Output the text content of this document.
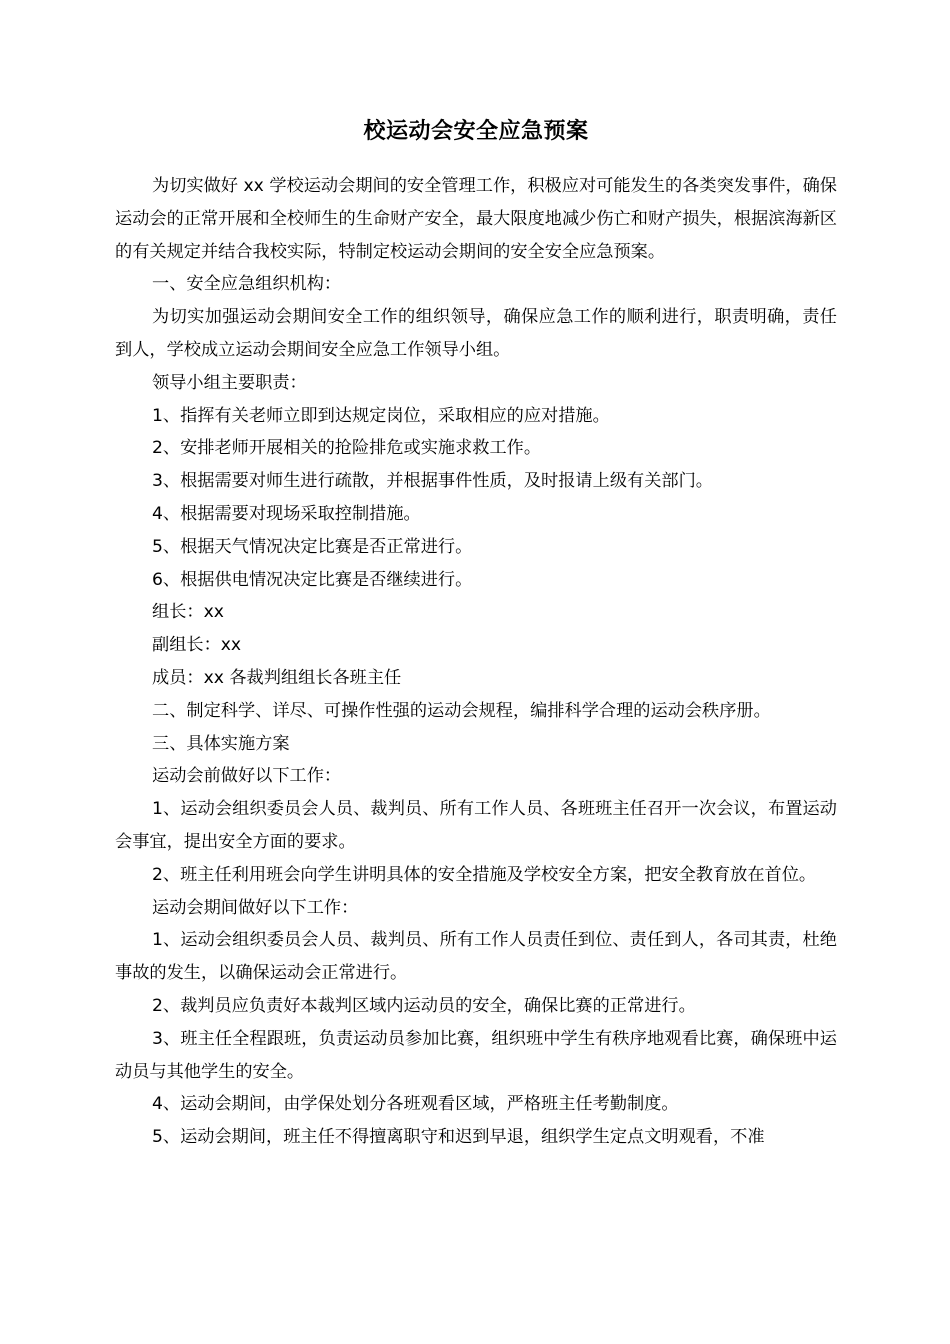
校运动会安全应急预案

为切实做好 xx 学校运动会期间的安全管理工作，积极应对可能发生的各类突发事件，确保运动会的正常开展和全校师生的生命财产安全，最大限度地减少伤亡和财产损失，根据滨海新区的有关规定并结合我校实际，特制定校运动会期间的安全安全应急预案。

一、安全应急组织机构：

为切实加强运动会期间安全工作的组织领导，确保应急工作的顺利进行，职责明确，责任到人，学校成立运动会期间安全应急工作领导小组。

领导小组主要职责：

1、指挥有关老师立即到达规定岗位，采取相应的应对措施。

2、安排老师开展相关的抢险排危或实施求救工作。

3、根据需要对师生进行疏散，并根据事件性质，及时报请上级有关部门。

4、根据需要对现场采取控制措施。

5、根据天气情况决定比赛是否正常进行。

6、根据供电情况决定比赛是否继续进行。

组长：xx

副组长：xx

成员：xx 各裁判组组长各班主任

二、制定科学、详尽、可操作性强的运动会规程，编排科学合理的运动会秩序册。

三、具体实施方案

运动会前做好以下工作：

1、运动会组织委员会人员、裁判员、所有工作人员、各班班主任召开一次会议，布置运动会事宜，提出安全方面的要求。

2、班主任利用班会向学生讲明具体的安全措施及学校安全方案，把安全教育放在首位。

运动会期间做好以下工作：

1、运动会组织委员会人员、裁判员、所有工作人员责任到位、责任到人，各司其责，杜绝事故的发生，以确保运动会正常进行。

2、裁判员应负责好本裁判区域内运动员的安全，确保比赛的正常进行。

3、班主任全程跟班，负责运动员参加比赛，组织班中学生有秩序地观看比赛，确保班中运动员与其他学生的安全。

4、运动会期间，由学保处划分各班观看区域，严格班主任考勤制度。

5、运动会期间，班主任不得擅离职守和迟到早退，组织学生定点文明观看，不准
